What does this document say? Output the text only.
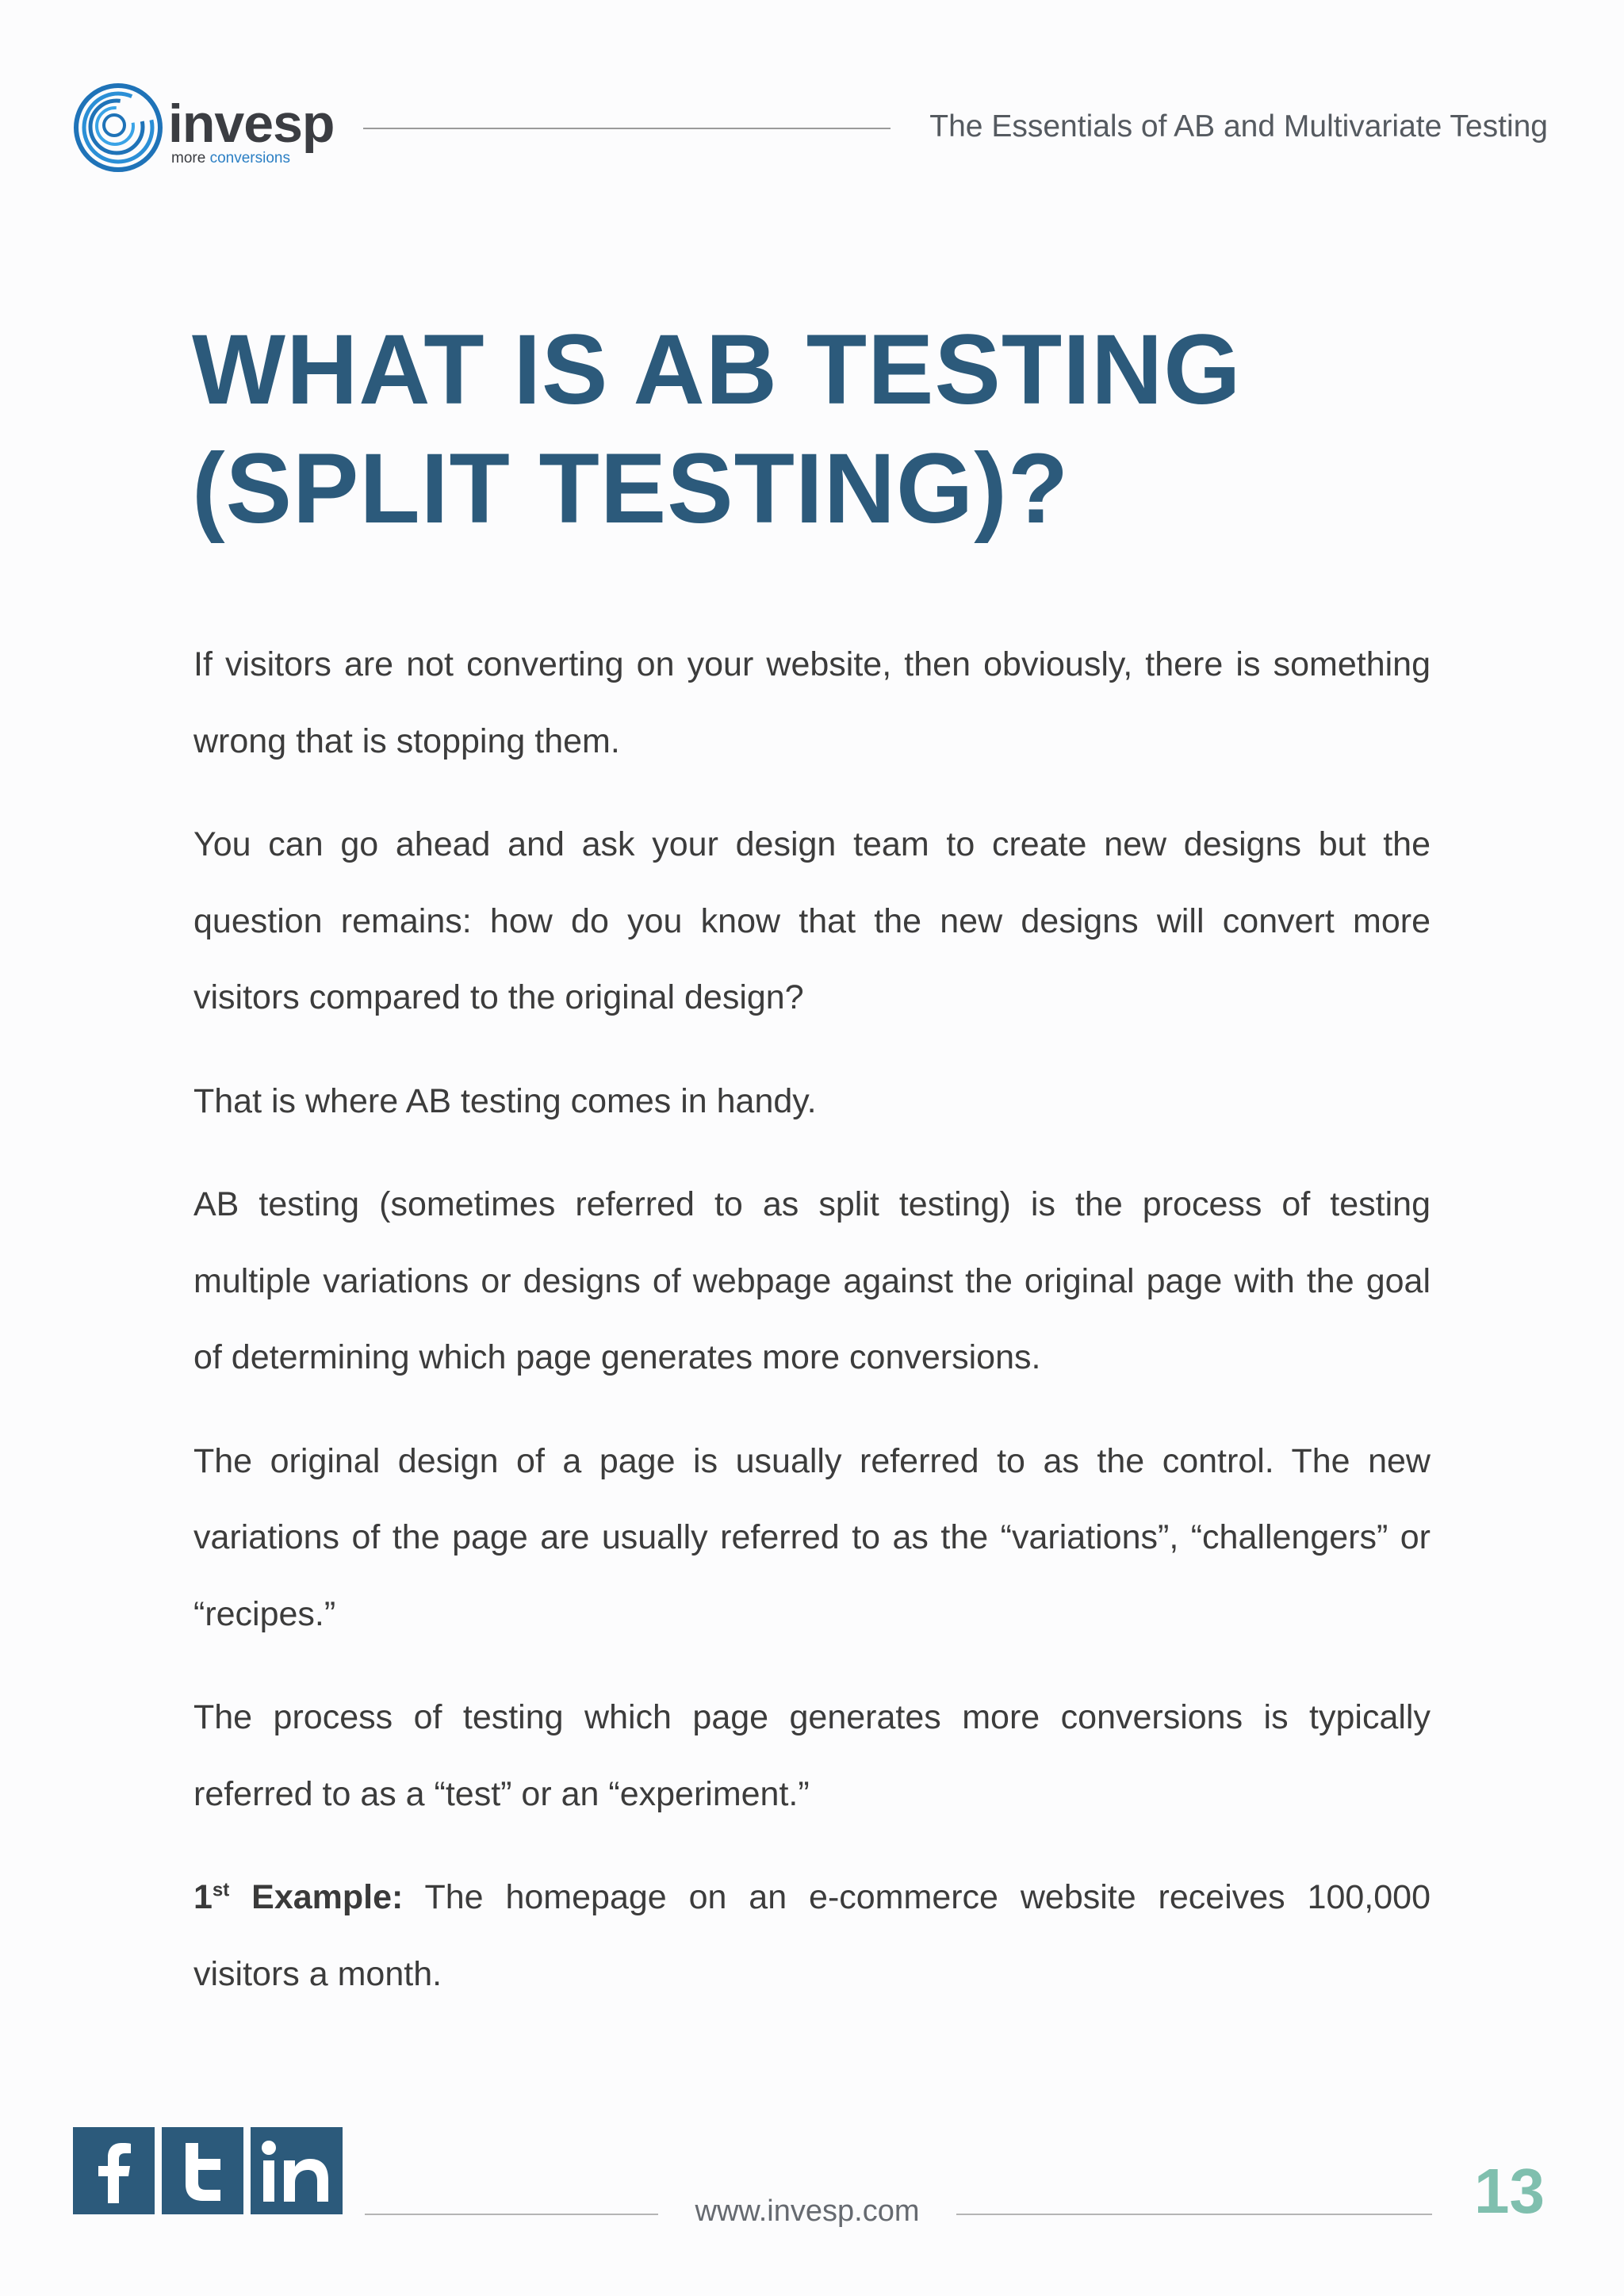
invesp
more conversions
The Essentials of AB and Multivariate Testing
WHAT IS AB TESTING
(SPLIT TESTING)?

If visitors are not converting on your website, then obviously, there is something wrong that is stopping them.

You can go ahead and ask your design team to create new designs but the question remains: how do you know that the new designs will convert more visitors compared to the original design?

That is where AB testing comes in handy.

AB testing (sometimes referred to as split testing) is the process of testing multiple variations or designs of webpage against the original page with the goal of determining which page generates more conversions.

The original design of a page is usually referred to as the control. The new variations of the page are usually referred to as the “variations”, “challengers” or “recipes.”

The process of testing which page generates more conversions is typically referred to as a “test” or an “experiment.”

1st Example: The homepage on an e-commerce website receives 100,000 visitors a month.

www.invesp.com	13
